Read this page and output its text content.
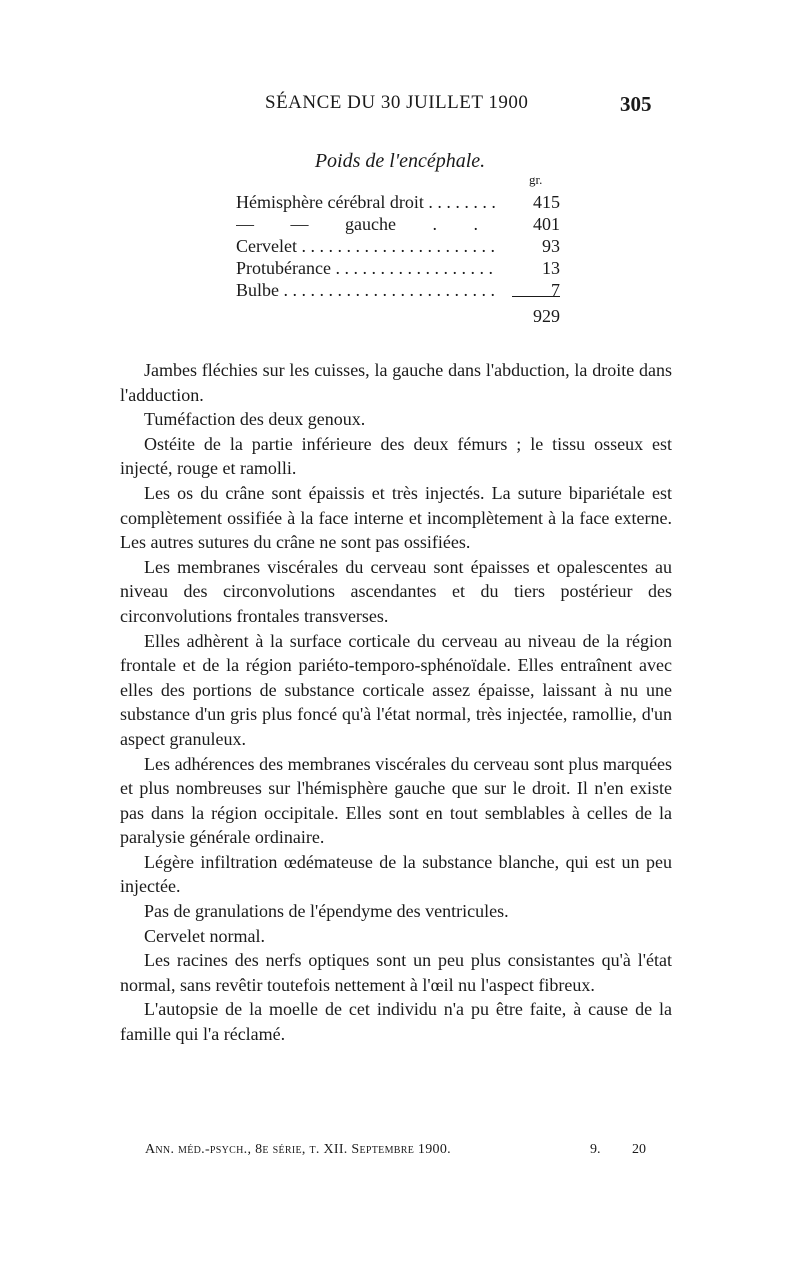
SÉANCE DU 30 JUILLET 1900	305
Poids de l'encéphale.
gr.
Hémisphère cérébral droit . . .	415
— — gauche . . .	401
Cervelet . . .	93
Protubérance . . .	13
Bulbe . . .	7
929

Jambes fléchies sur les cuisses, la gauche dans l'abduction, la droite dans l'adduction.

Tuméfaction des deux genoux.

Ostéite de la partie inférieure des deux fémurs ; le tissu osseux est injecté, rouge et ramolli.

Les os du crâne sont épaissis et très injectés. La suture bipariétale est complètement ossifiée à la face interne et incomplètement à la face externe. Les autres sutures du crâne ne sont pas ossifiées.

Les membranes viscérales du cerveau sont épaisses et opalescentes au niveau des circonvolutions ascendantes et du tiers postérieur des circonvolutions frontales transverses.

Elles adhèrent à la surface corticale du cerveau au niveau de la région frontale et de la région pariéto-temporo-sphénoïdale. Elles entraînent avec elles des portions de substance corticale assez épaisse, laissant à nu une substance d'un gris plus foncé qu'à l'état normal, très injectée, ramollie, d'un aspect granuleux.

Les adhérences des membranes viscérales du cerveau sont plus marquées et plus nombreuses sur l'hémisphère gauche que sur le droit. Il n'en existe pas dans la région occipitale. Elles sont en tout semblables à celles de la paralysie générale ordinaire.

Légère infiltration œdémateuse de la substance blanche, qui est un peu injectée.

Pas de granulations de l'épendyme des ventricules.

Cervelet normal.

Les racines des nerfs optiques sont un peu plus consistantes qu'à l'état normal, sans revêtir toutefois nettement à l'œil nu l'aspect fibreux.

L'autopsie de la moelle de cet individu n'a pu être faite, à cause de la famille qui l'a réclamé.

Ann. méd.-psych., 8e série, t. XII. Septembre 1900.	9. 20
